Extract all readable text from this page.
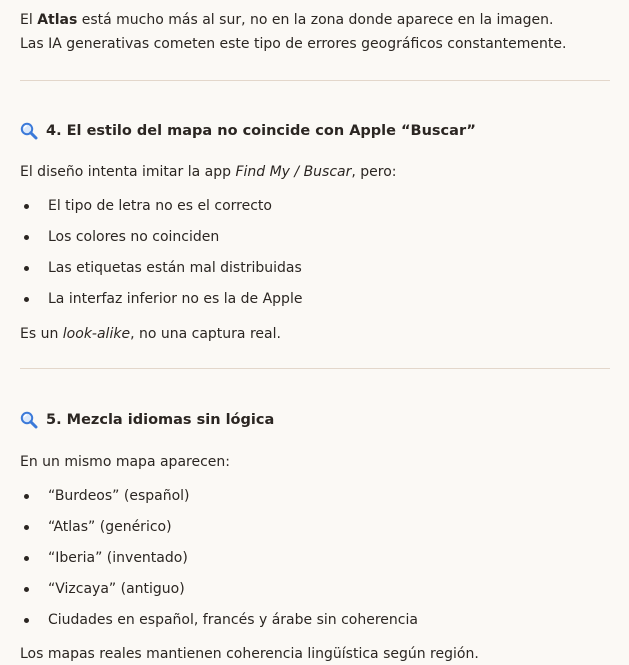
El Atlas está mucho más al sur, no en la zona donde aparece en la imagen.

Las IA generativas cometen este tipo de errores geográficos constantemente.

4. El estilo del mapa no coincide con Apple “Buscar”

El diseño intenta imitar la app Find My / Buscar, pero:

El tipo de letra no es el correcto
Los colores no coinciden
Las etiquetas están mal distribuidas
La interfaz inferior no es la de Apple

Es un look-alike, no una captura real.

5. Mezcla idiomas sin lógica

En un mismo mapa aparecen:

“Burdeos” (español)
“Atlas” (genérico)
“Iberia” (inventado)
“Vizcaya” (antiguo)
Ciudades en español, francés y árabe sin coherencia

Los mapas reales mantienen coherencia lingüística según región.
